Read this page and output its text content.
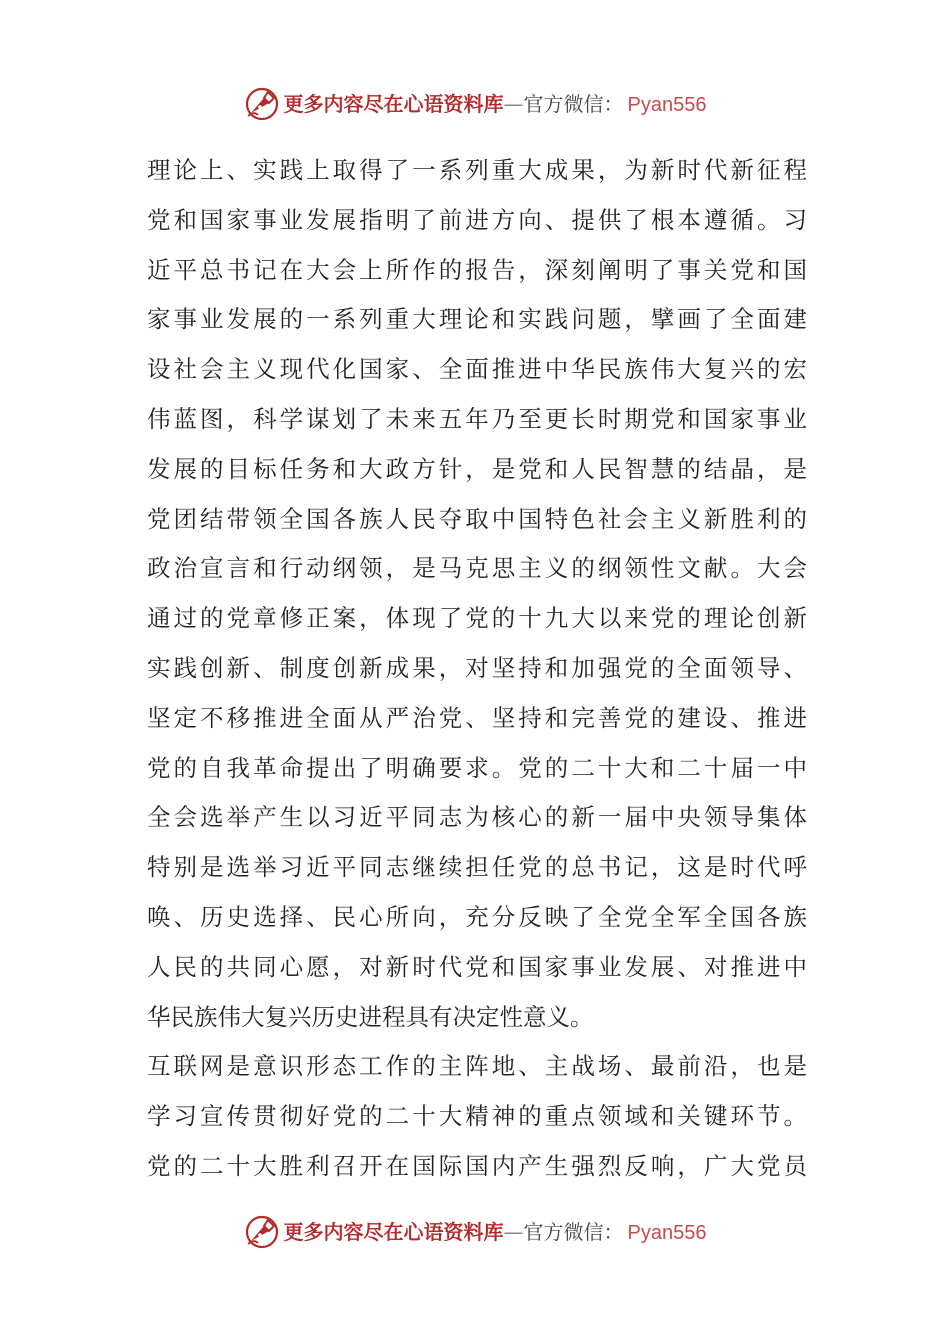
更多内容尽在心语资料库—官方微信： Pyan556
理论上、实践上取得了一系列重大成果，为新时代新征程
党和国家事业发展指明了前进方向、提供了根本遵循。习
近平总书记在大会上所作的报告，深刻阐明了事关党和国
家事业发展的一系列重大理论和实践问题，擘画了全面建
设社会主义现代化国家、全面推进中华民族伟大复兴的宏
伟蓝图，科学谋划了未来五年乃至更长时期党和国家事业
发展的目标任务和大政方针，是党和人民智慧的结晶，是
党团结带领全国各族人民夺取中国特色社会主义新胜利的
政治宣言和行动纲领，是马克思主义的纲领性文献。大会
通过的党章修正案，体现了党的十九大以来党的理论创新
实践创新、制度创新成果，对坚持和加强党的全面领导、
坚定不移推进全面从严治党、坚持和完善党的建设、推进
党的自我革命提出了明确要求。党的二十大和二十届一中
全会选举产生以习近平同志为核心的新一届中央领导集体
特别是选举习近平同志继续担任党的总书记，这是时代呼
唤、历史选择、民心所向，充分反映了全党全军全国各族
人民的共同心愿，对新时代党和国家事业发展、对推进中
华民族伟大复兴历史进程具有决定性意义。
互联网是意识形态工作的主阵地、主战场、最前沿，也是
学习宣传贯彻好党的二十大精神的重点领域和关键环节。
党的二十大胜利召开在国际国内产生强烈反响，广大党员
更多内容尽在心语资料库—官方微信： Pyan556
